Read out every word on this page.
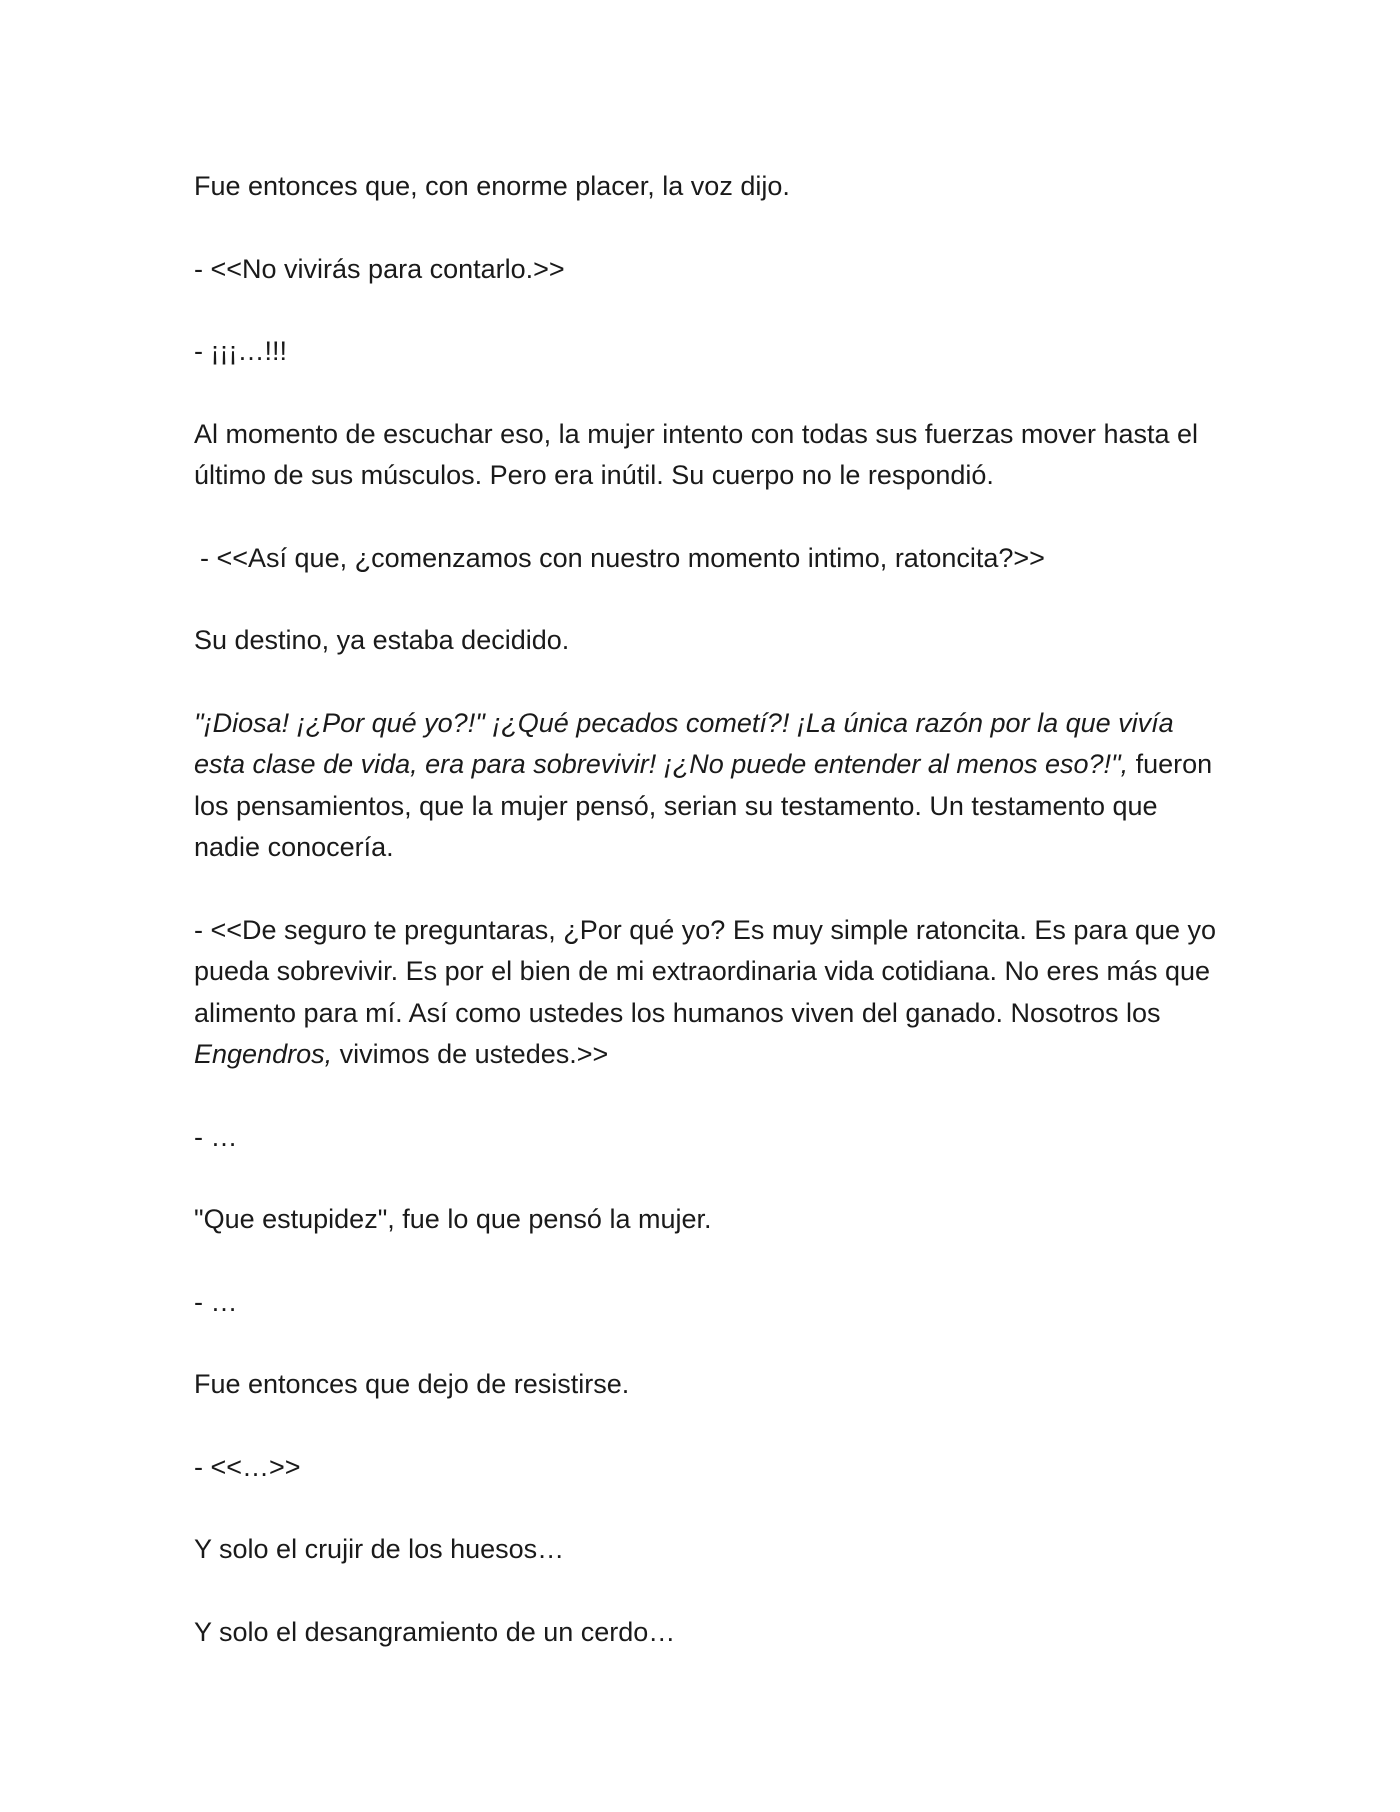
Fue entonces que, con enorme placer, la voz dijo.

- <<No vivirás para contarlo.>>

- ¡¡¡…!!!

Al momento de escuchar eso, la mujer intento con todas sus fuerzas mover hasta el último de sus músculos. Pero era inútil. Su cuerpo no le respondió.

- <<Así que, ¿comenzamos con nuestro momento intimo, ratoncita?>>

Su destino, ya estaba decidido.

"¡Diosa! ¡¿Por qué yo?!" ¡¿Qué pecados cometí?! ¡La única razón por la que vivía esta clase de vida, era para sobrevivir! ¡¿No puede entender al menos eso?!", fueron los pensamientos, que la mujer pensó, serian su testamento. Un testamento que nadie conocería.

- <<De seguro te preguntaras, ¿Por qué yo? Es muy simple ratoncita. Es para que yo pueda sobrevivir. Es por el bien de mi extraordinaria vida cotidiana. No eres más que alimento para mí. Así como ustedes los humanos viven del ganado. Nosotros los Engendros, vivimos de ustedes.>>

- …

"Que estupidez", fue lo que pensó la mujer.

- …

Fue entonces que dejo de resistirse.

- <<…>>

Y solo el crujir de los huesos…

Y solo el desangramiento de un cerdo…
